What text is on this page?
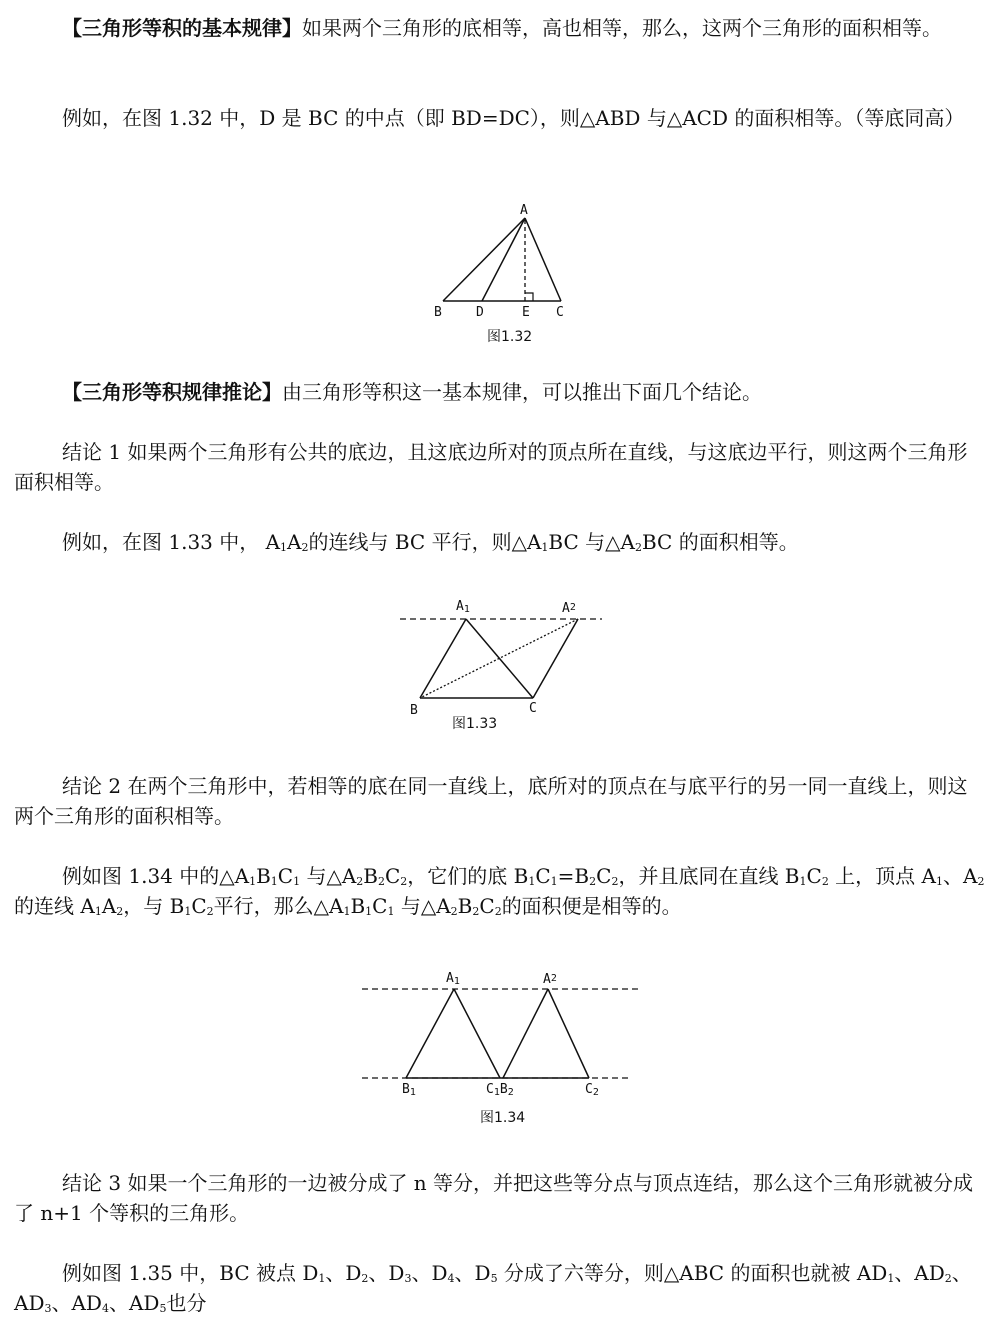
【三角形等积的基本规律】如果两个三角形的底相等，高也相等，那么，这两个三角形的面积相等。

例如，在图 1.32 中，D 是 BC 的中点（即 BD=DC），则△ABD 与△ACD 的面积相等。（等底同高）

A
B	D	E C
图1.32

【三角形等积规律推论】由三角形等积这一基本规律，可以推出下面几个结论。

结论 1 如果两个三角形有公共的底边，且这底边所对的顶点所在直线，与这底边平行，则这两个三角形面积相等。

例如，在图 1.33 中， $A_1A_2$的连线与 BC 平行，则$\triangle A_1BC$ 与$\triangle A_2BC$ 的面积相等。

A1	A2
B	C
图1.33

结论 2 在两个三角形中，若相等的底在同一直线上，底所对的顶点在与底平行的另一同一直线上，则这两个三角形的面积相等。

例如图 1.34 中的$\triangle A_1B_1C_1$ 与$\triangle A_2B_2C_2$，它们的底 $B_1C_1=B_2C_2$，并且底同在直线 $B_1C_2$ 上，顶点 $A_1$、$A_2$的连线 $A_1A_2$，与 $B_1C_2$平行，那么$\triangle A_1B_1C_1$ 与$\triangle A_2B_2C_2$的面积便是相等的。

A1	A2
B1	C1B2	C2
图1.34

结论 3 如果一个三角形的一边被分成了 n 等分，并把这些等分点与顶点连结，那么这个三角形就被分成了 n+1 个等积的三角形。

例如图 1.35 中，BC 被点 $D_1$、$D_2$、$D_3$、$D_4$、$D_5$ 分成了六等分，则△ABC 的面积也就被 $AD_1$、$AD_2$、$AD_3$、$AD_4$、$AD_5$也分
